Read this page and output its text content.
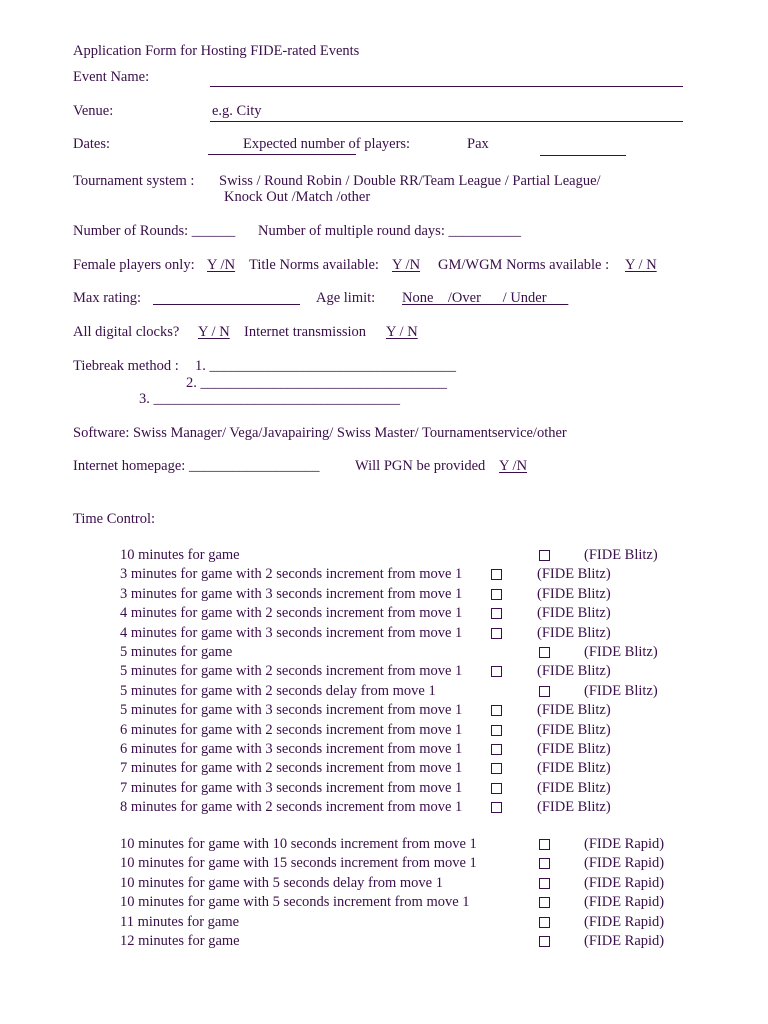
Application Form for Hosting FIDE-rated Events
Event Name:
Venue:	e.g. City
Dates:	Expected number of players:	Pax
Tournament system : Swiss / Round Robin / Double RR/Team League / Partial League/
Knock Out /Match /other
Number of Rounds: ______ Number of multiple round days: __________
Female players only: Y /N Title Norms available: Y /N GM/WGM Norms available : Y / N
Max rating:	Age limit: None    /Over      / Under
All digital clocks? Y / N Internet transmission Y / N
Tiebreak method : 1. __________________________________
2. __________________________________
3. __________________________________
Software: Swiss Manager/ Vega/Javapairing/ Swiss Master/ Tournamentservice/other
Internet homepage: __________________ Will PGN be provided Y /N
Time Control:
10 minutes for game	(FIDE Blitz)
3 minutes for game with 2 seconds increment from move 1	(FIDE Blitz)
3 minutes for game with 3 seconds increment from move 1	(FIDE Blitz)
4 minutes for game with 2 seconds increment from move 1	(FIDE Blitz)
4 minutes for game with 3 seconds increment from move 1	(FIDE Blitz)
5 minutes for game	(FIDE Blitz)
5 minutes for game with 2 seconds increment from move 1	(FIDE Blitz)
5 minutes for game with 2 seconds delay from move 1	(FIDE Blitz)
5 minutes for game with 3 seconds increment from move 1	(FIDE Blitz)
6 minutes for game with 2 seconds increment from move 1	(FIDE Blitz)
6 minutes for game with 3 seconds increment from move 1	(FIDE Blitz)
7 minutes for game with 2 seconds increment from move 1	(FIDE Blitz)
7 minutes for game with 3 seconds increment from move 1	(FIDE Blitz)
8 minutes for game with 2 seconds increment from move 1	(FIDE Blitz)
10 minutes for game with 10 seconds increment from move 1	(FIDE Rapid)
10 minutes for game with 15 seconds increment from move 1	(FIDE Rapid)
10 minutes for game with 5 seconds delay from move 1	(FIDE Rapid)
10 minutes for game with 5 seconds increment from move 1	(FIDE Rapid)
11 minutes for game	(FIDE Rapid)
12 minutes for game	(FIDE Rapid)
